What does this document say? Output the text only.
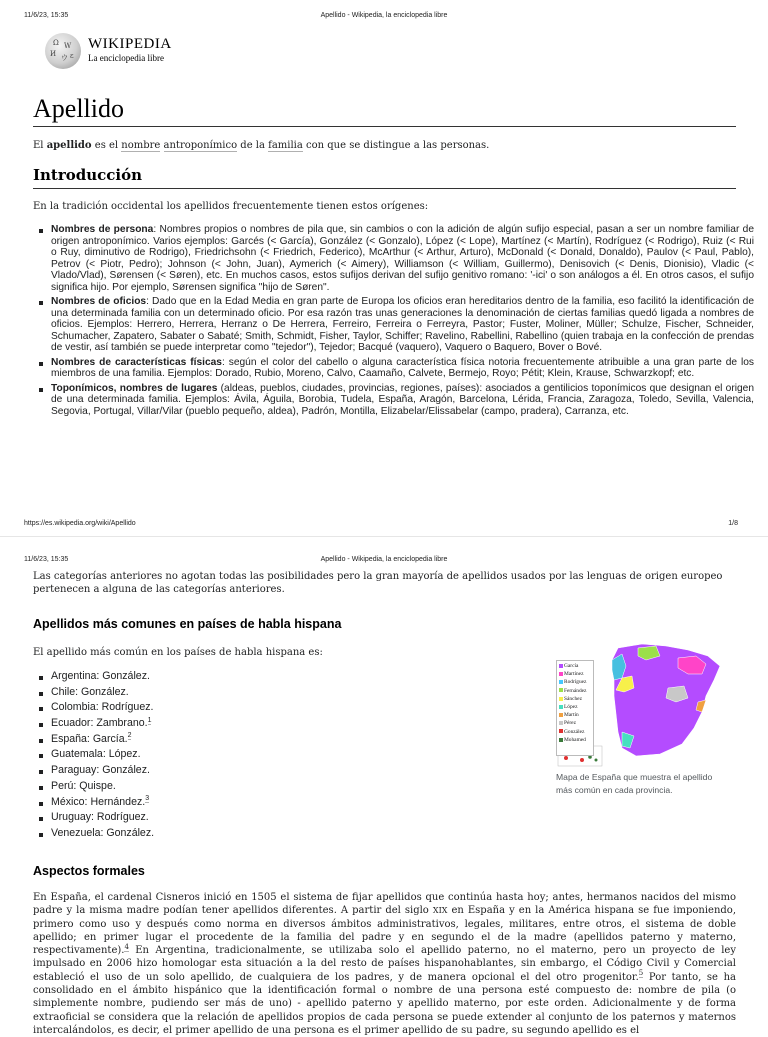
11/6/23, 15:35	Apellido - Wikipedia, la enciclopedia libre
Ω W
И ウ ε
WIKIPEDIA
La enciclopedia libre
Apellido
El apellido es el nombre antroponímico de la familia con que se distingue a las personas.
Introducción
En la tradición occidental los apellidos frecuentemente tienen estos orígenes:
Nombres de persona: Nombres propios o nombres de pila que, sin cambios o con la adición de algún sufijo especial, pasan a ser un nombre familiar de origen antroponímico. Varios ejemplos: Garcés (< García), González (< Gonzalo), López (< Lope), Martínez (< Martín), Rodríguez (< Rodrigo), Ruiz (< Rui o Ruy, diminutivo de Rodrigo), Friedrichsohn (< Friedrich, Federico), McArthur (< Arthur, Arturo), McDonald (< Donald, Donaldo), Paulov (< Paul, Pablo), Petrov (< Piotr, Pedro); Johnson (< John, Juan), Aymerich (< Aimery), Williamson (< William, Guillermo), Denisovich (< Denis, Dionisio), Vladic (< Vlado/Vlad), Sørensen (< Søren), etc. En muchos casos, estos sufijos derivan del sufijo genitivo romano: '-ici' o son análogos a él. En otros casos, el sufijo significa hijo. Por ejemplo, Sørensen significa "hijo de Søren".
Nombres de oficios: Dado que en la Edad Media en gran parte de Europa los oficios eran hereditarios dentro de la familia, eso facilitó la identificación de una determinada familia con un determinado oficio. Por esa razón tras unas generaciones la denominación de ciertas familias quedó ligada a nombres de oficios. Ejemplos: Herrero, Herrera, Herranz o De Herrera, Ferreiro, Ferreira o Ferreyra, Pastor; Fuster, Moliner, Müller; Schulze, Fischer, Schneider, Schumacher, Zapatero, Sabater o Sabaté; Smith, Schmidt, Fisher, Taylor, Schiffer; Ravelino, Rabellini, Rabellino (quien trabaja en la confección de prendas de vestir, así también se puede interpretar como "tejedor"), Tejedor; Bacqué (vaquero), Vaquero o Baquero, Bover o Bové.
Nombres de características físicas: según el color del cabello o alguna característica física notoria frecuentemente atribuible a una gran parte de los miembros de una familia. Ejemplos: Dorado, Rubio, Moreno, Calvo, Caamaño, Calvete, Bermejo, Royo; Pétit; Klein, Krause, Schwarzkopf; etc.
Toponímicos, nombres de lugares (aldeas, pueblos, ciudades, provincias, regiones, países): asociados a gentilicios toponímicos que designan el origen de una determinada familia. Ejemplos: Ávila, Águila, Borobia, Tudela, España, Aragón, Barcelona, Lérida, Francia, Zaragoza, Toledo, Sevilla, Valencia, Segovia, Portugal, Villar/Vilar (pueblo pequeño, aldea), Padrón, Montilla, Elizabelar/Elissabelar (campo, pradera), Carranza, etc.
https://es.wikipedia.org/wiki/Apellido	1/8
11/6/23, 15:35	Apellido - Wikipedia, la enciclopedia libre
Las categorías anteriores no agotan todas las posibilidades pero la gran mayoría de apellidos usados por las lenguas de origen europeo pertenecen a alguna de las categorías anteriores.
Apellidos más comunes en países de habla hispana
El apellido más común en los países de habla hispana es:
Argentina: González.
Chile: González.
Colombia: Rodríguez.
Ecuador: Zambrano.$^1$
España: García.$^2$
Guatemala: López.
Paraguay: González.
Perú: Quispe.
México: Hernández.$^3$
Uruguay: Rodríguez.
Venezuela: González.
García
Martínez
Rodríguez
Fernández
Sánchez
López
Martín
Pérez
González
Mohamed
Mapa de España que muestra el apellido más común en cada provincia.
Aspectos formales
En España, el cardenal Cisneros inició en 1505 el sistema de fijar apellidos que continúa hasta hoy; antes, hermanos nacidos del mismo padre y la misma madre podían tener apellidos diferentes. A partir del siglo XIX en España y en la América hispana se fue imponiendo, primero como uso y después como norma en diversos ámbitos administrativos, legales, militares, entre otros, el sistema de doble apellido; en primer lugar el procedente de la familia del padre y en segundo el de la madre (apellidos paterno y materno, respectivamente).$^4$ En Argentina, tradicionalmente, se utilizaba solo el apellido paterno, no el materno, pero un proyecto de ley impulsado en 2006 hizo homologar esta situación a la del resto de países hispanohablantes, sin embargo, el Código Civil y Comercial estableció el uso de un solo apellido, de cualquiera de los padres, y de manera opcional el del otro progenitor.$^5$ Por tanto, se ha consolidado en el ámbito hispánico que la identificación formal o nombre de una persona esté compuesto de: nombre de pila (o simplemente nombre, pudiendo ser más de uno) - apellido paterno y apellido materno, por este orden. Adicionalmente y de forma extraoficial se considera que la relación de apellidos propios de cada persona se puede extender al conjunto de los paternos y maternos intercalándolos, es decir, el primer apellido de una persona es el primer apellido de su padre, su segundo apellido es el
